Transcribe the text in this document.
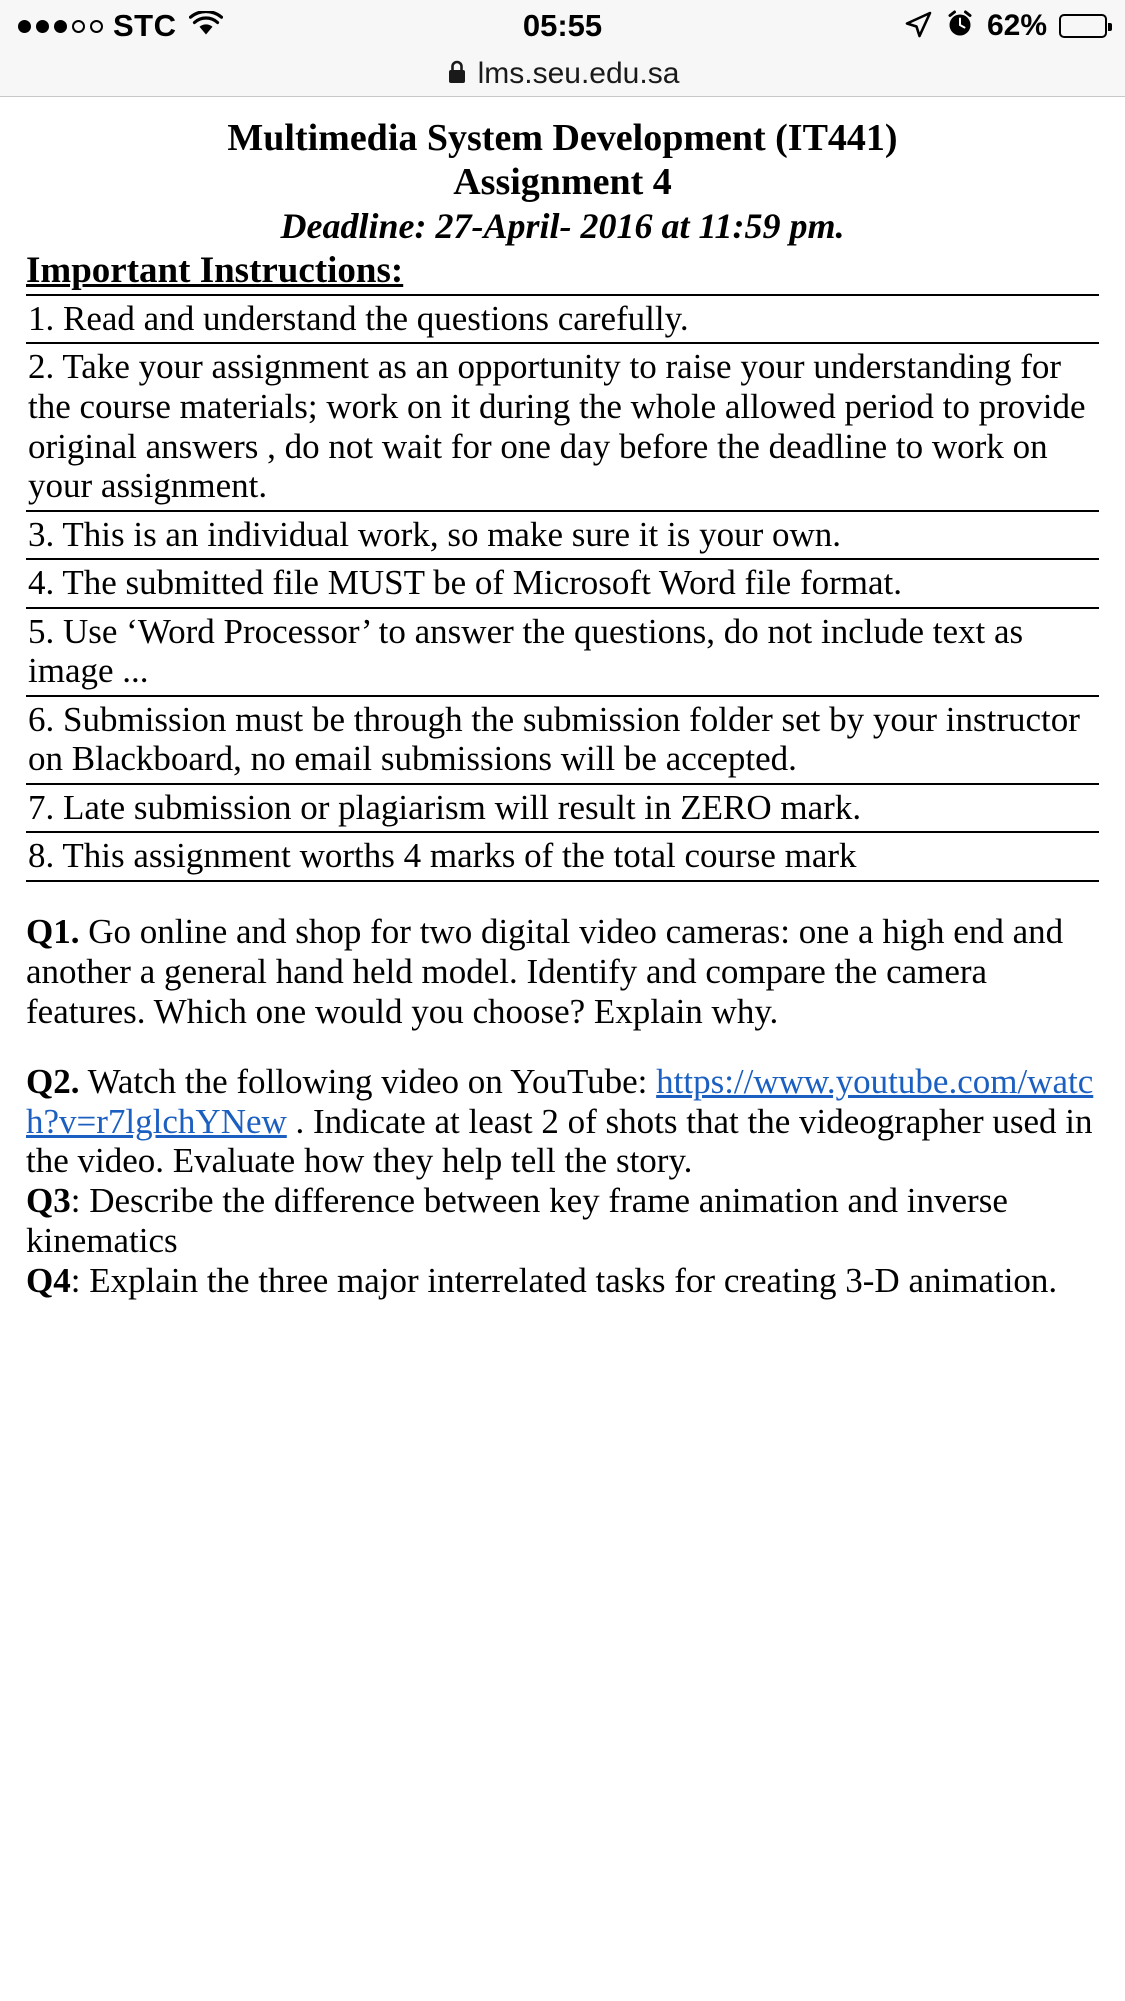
STC	05:55	62%
lms.seu.edu.sa
Multimedia System Development (IT441)
Assignment 4
Deadline: 27-April- 2016 at 11:59 pm.
Important Instructions:
1. Read and understand the questions carefully.
2. Take your assignment as an opportunity to raise your understanding for the course materials; work on it during the whole allowed period to provide original answers , do not wait for one day before the deadline to work on your assignment.
3. This is an individual work, so make sure it is your own.
4. The submitted file MUST be of Microsoft Word file format.
5. Use ‘Word Processor’ to answer the questions, do not include text as image ...
6. Submission must be through the submission folder set by your instructor on Blackboard, no email submissions will be accepted.
7. Late submission or plagiarism will result in ZERO mark.
8. This assignment worths 4 marks of the total course mark
Q1. Go online and shop for two digital video cameras: one a high end and another a general hand held model. Identify and compare the camera features. Which one would you choose? Explain why.
Q2. Watch the following video on YouTube: https://www.youtube.com/watch?v=r7lglchYNew . Indicate at least 2 of shots that the videographer used in the video. Evaluate how they help tell the story.
Q3: Describe the difference between key frame animation and inverse kinematics
Q4: Explain the three major interrelated tasks for creating 3-D animation.
